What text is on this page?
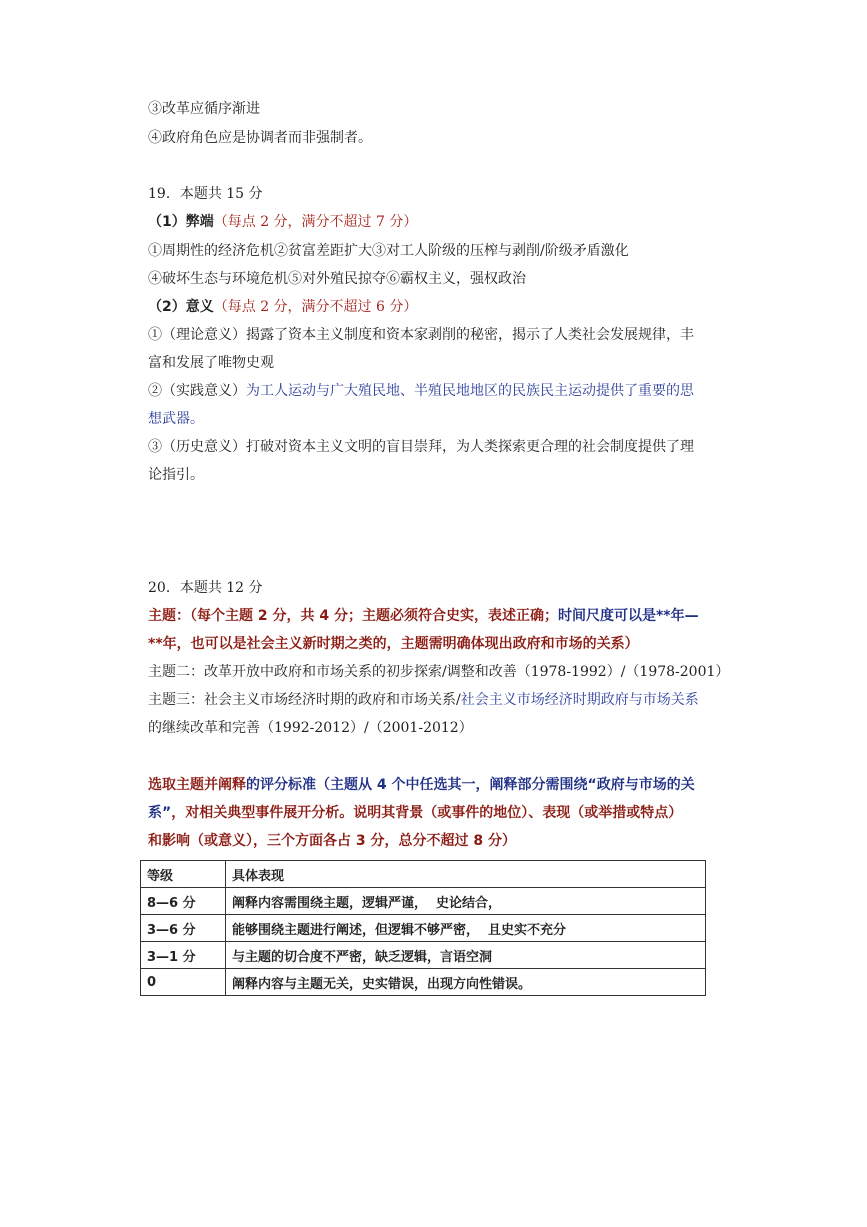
③改革应循序渐进
④政府角色应是协调者而非强制者。
19．本题共 15 分
（1）弊端（每点 2 分，满分不超过 7 分）
①周期性的经济危机②贫富差距扩大③对工人阶级的压榨与剥削/阶级矛盾激化
④破坏生态与环境危机⑤对外殖民掠夺⑥霸权主义，强权政治
（2）意义（每点 2 分，满分不超过 6 分）
①（理论意义）揭露了资本主义制度和资本家剥削的秘密，揭示了人类社会发展规律，丰
富和发展了唯物史观
②（实践意义）为工人运动与广大殖民地、半殖民地地区的民族民主运动提供了重要的思
想武器。
③（历史意义）打破对资本主义文明的盲目崇拜，为人类探索更合理的社会制度提供了理
论指引。
20．本题共 12 分
主题：（每个主题 2 分，共 4 分；主题必须符合史实，表述正确；时间尺度可以是**年—
**年，也可以是社会主义新时期之类的，主题需明确体现出政府和市场的关系）
主题二：改革开放中政府和市场关系的初步探索/调整和改善（1978-1992）/（1978-2001）
主题三：社会主义市场经济时期的政府和市场关系/社会主义市场经济时期政府与市场关系
的继续改革和完善（1992-2012）/（2001-2012）
选取主题并阐释的评分标准（主题从 4 个中任选其一，阐释部分需围绕“政府与市场的关
系”，对相关典型事件展开分析。说明其背景（或事件的地位）、表现（或举措或特点）
和影响（或意义），三个方面各占 3 分，总分不超过 8 分）
等级	具体表现
8—6 分	阐释内容需围绕主题，逻辑严谨，  史论结合，
3—6 分	能够围绕主题进行阐述，但逻辑不够严密，  且史实不充分
3—1 分	与主题的切合度不严密，缺乏逻辑，言语空洞
0	阐释内容与主题无关，史实错误，出现方向性错误。
